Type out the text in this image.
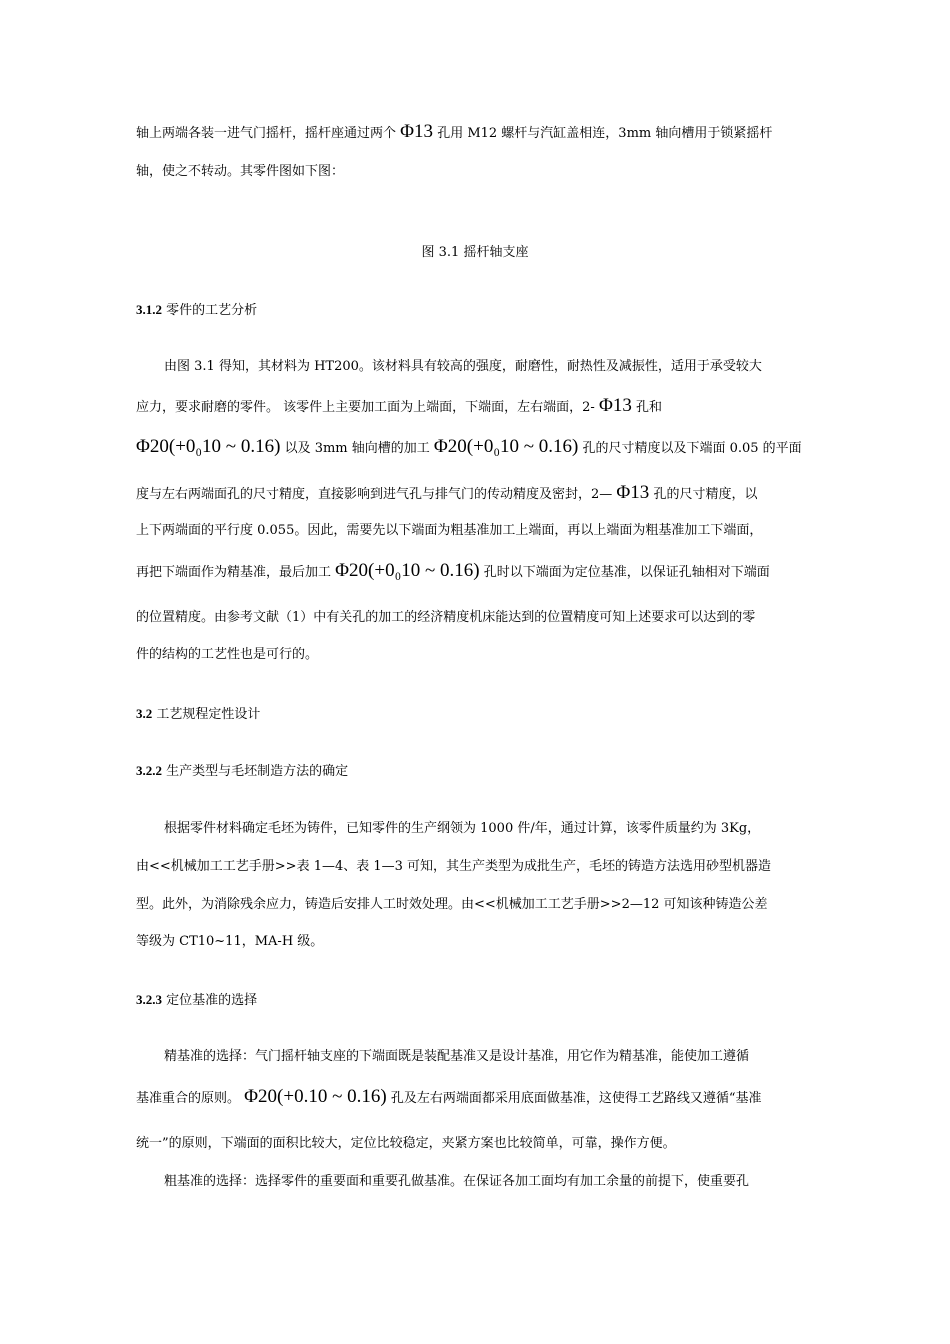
轴上两端各装一进气门摇杆，摇杆座通过两个 Φ13 孔用 M12 螺杆与汽缸盖相连，3mm 轴向槽用于锁紧摇杆
轴，使之不转动。其零件图如下图：
图 3.1 摇杆轴支座
3.1.2 零件的工艺分析
由图 3.1 得知，其材料为 HT200。该材料具有较高的强度，耐磨性，耐热性及减振性，适用于承受较大
应力，要求耐磨的零件。 该零件上主要加工面为上端面，下端面，左右端面，2- Φ13 孔和
Φ20(+0₀10 ~ 0.16) 以及 3mm 轴向槽的加工 Φ20(+0₀10 ~ 0.16) 孔的尺寸精度以及下端面 0.05 的平面
度与左右两端面孔的尺寸精度，直接影响到进气孔与排气门的传动精度及密封，2— Φ13 孔的尺寸精度，以
上下两端面的平行度 0.055。因此，需要先以下端面为粗基准加工上端面，再以上端面为粗基准加工下端面，
再把下端面作为精基准，最后加工 Φ20(+0₀10 ~ 0.16) 孔时以下端面为定位基准，以保证孔轴相对下端面
的位置精度。由参考文献（1）中有关孔的加工的经济精度机床能达到的位置精度可知上述要求可以达到的零
件的结构的工艺性也是可行的。
3.2 工艺规程定性设计
3.2.2 生产类型与毛坯制造方法的确定
根据零件材料确定毛坯为铸件，已知零件的生产纲领为 1000 件/年，通过计算，该零件质量约为 3Kg，
由<<机械加工工艺手册>>表 1—4、表 1—3 可知，其生产类型为成批生产，毛坯的铸造方法选用砂型机器造
型。此外，为消除残余应力，铸造后安排人工时效处理。由<<机械加工工艺手册>>2—12 可知该种铸造公差
等级为 CT10~11，MA-H 级。
3.2.3 定位基准的选择
精基准的选择：气门摇杆轴支座的下端面既是装配基准又是设计基准，用它作为精基准，能使加工遵循
基准重合的原则。 Φ20(+0.10 ~ 0.16) 孔及左右两端面都采用底面做基准，这使得工艺路线又遵循“基准
统一”的原则，下端面的面积比较大，定位比较稳定，夹紧方案也比较简单，可靠，操作方便。
粗基准的选择：选择零件的重要面和重要孔做基准。在保证各加工面均有加工余量的前提下，使重要孔
